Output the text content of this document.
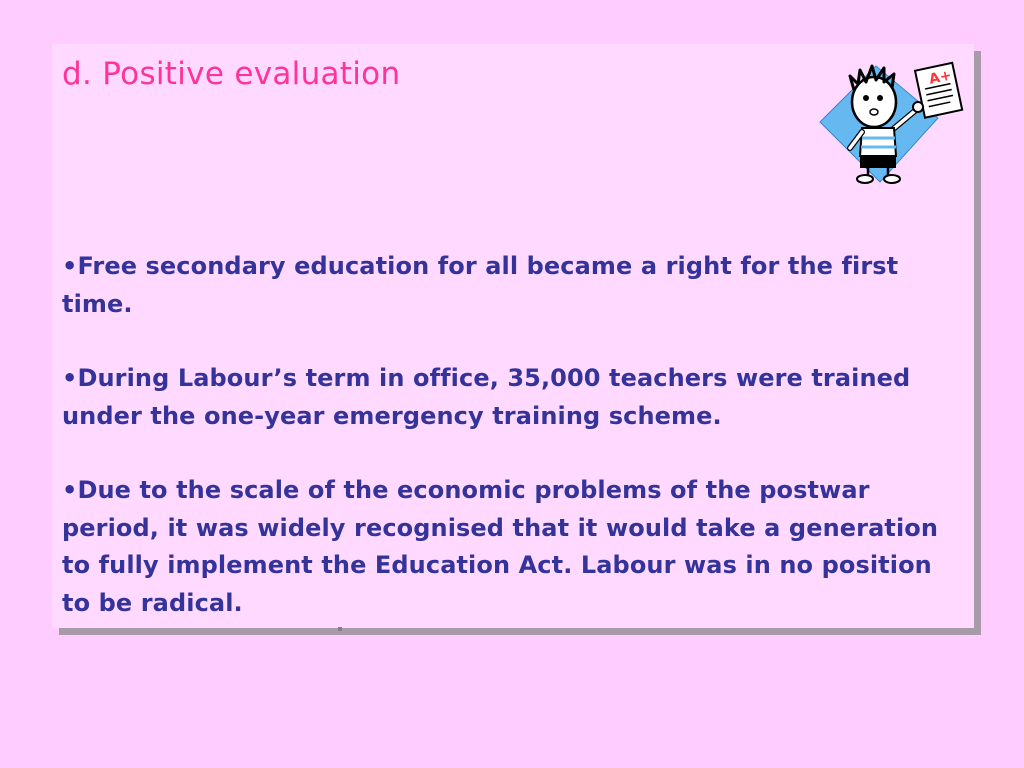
d. Positive evaluation
•Free secondary education for all became a right for the first time.
•During Labour’s term in office, 35,000 teachers were trained under the one-year emergency training scheme.
•Due to the scale of the economic problems of the postwar period, it was widely recognised that it would take a generation to fully implement the Education Act. Labour was in no position to be radical.
A+
